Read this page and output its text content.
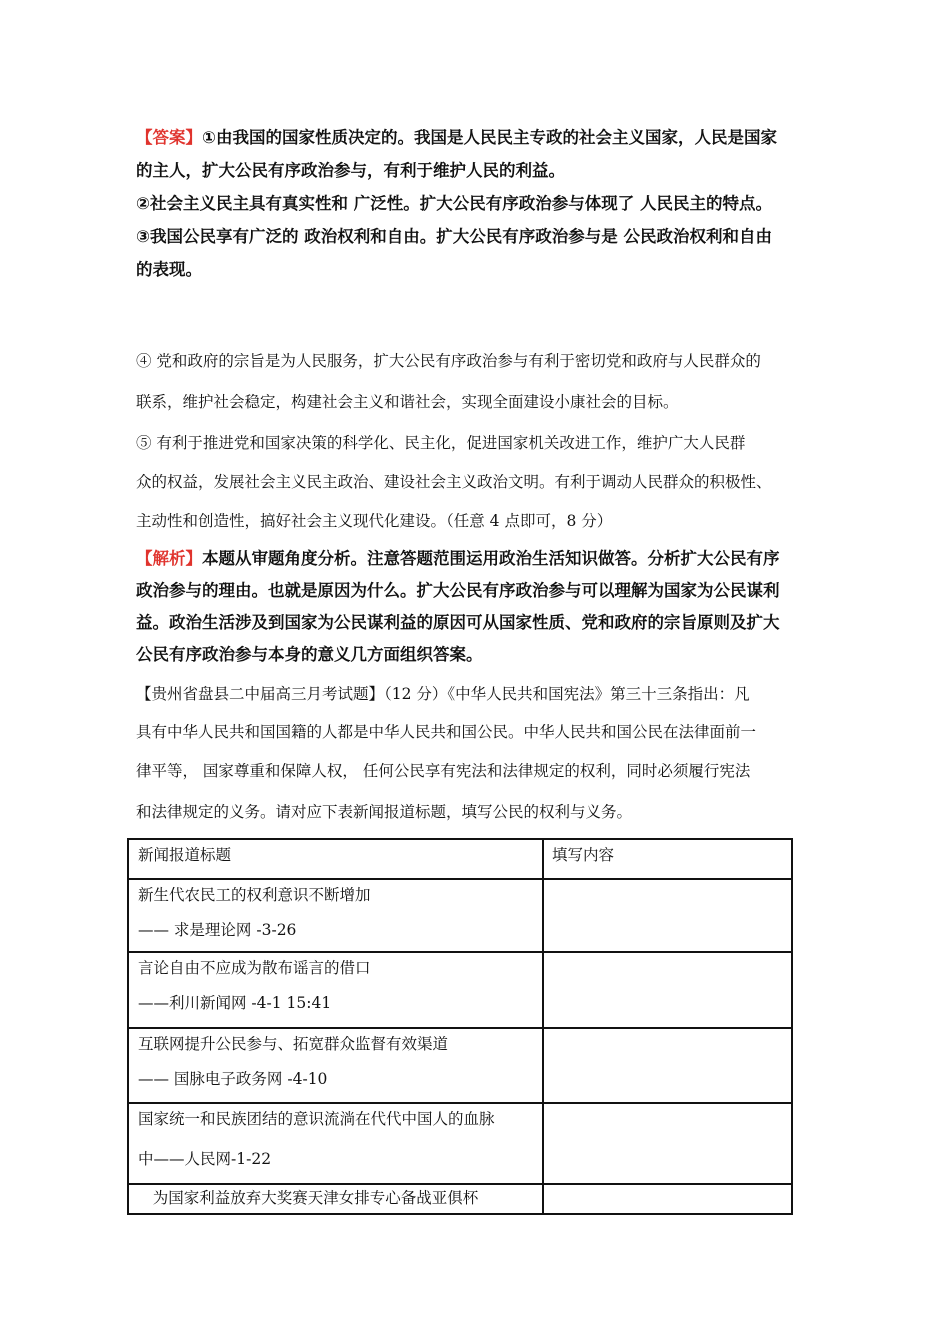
【答案】①由我国的国家性质决定的。我国是人民民主专政的社会主义国家，人民是国家
的主人，扩大公民有序政治参与，有利于维护人民的利益。
②社会主义民主具有真实性和 广泛性。扩大公民有序政治参与体现了 人民民主的特点。
③我国公民享有广泛的 政治权利和自由。扩大公民有序政治参与是 公民政治权利和自由
的表现。
④ 党和政府的宗旨是为人民服务，扩大公民有序政治参与有利于密切党和政府与人民群众的
联系，维护社会稳定，构建社会主义和谐社会，实现全面建设小康社会的目标。
⑤ 有利于推进党和国家决策的科学化、民主化，促进国家机关改进工作，维护广大人民群
众的权益，发展社会主义民主政治、建设社会主义政治文明。有利于调动人民群众的积极性、
主动性和创造性，搞好社会主义现代化建设。（任意 4 点即可，8 分）
【解析】本题从审题角度分析。注意答题范围运用政治生活知识做答。分析扩大公民有序
政治参与的理由。也就是原因为什么。扩大公民有序政治参与可以理解为国家为公民谋利
益。政治生活涉及到国家为公民谋利益的原因可从国家性质、党和政府的宗旨原则及扩大
公民有序政治参与本身的意义几方面组织答案。
【贵州省盘县二中届高三月考试题】（12 分）《中华人民共和国宪法》第三十三条指出：凡
具有中华人民共和国国籍的人都是中华人民共和国公民。中华人民共和国公民在法律面前一
律平等， 国家尊重和保障人权， 任何公民享有宪法和法律规定的权利，同时必须履行宪法
和法律规定的义务。请对应下表新闻报道标题，填写公民的权利与义务。
新闻报道标题	填写内容

新生代农民工的权利意识不断增加
—— 求是理论网 -3-26	

言论自由不应成为散布谣言的借口
——利川新闻网 -4-1 15:41	

互联网提升公民参与、拓宽群众监督有效渠道
—— 国脉电子政务网 -4-10	

国家统一和民族团结的意识流淌在代代中国人的血脉
中——人民网-1-22	

为国家利益放弃大奖赛天津女排专心备战亚俱杯	
